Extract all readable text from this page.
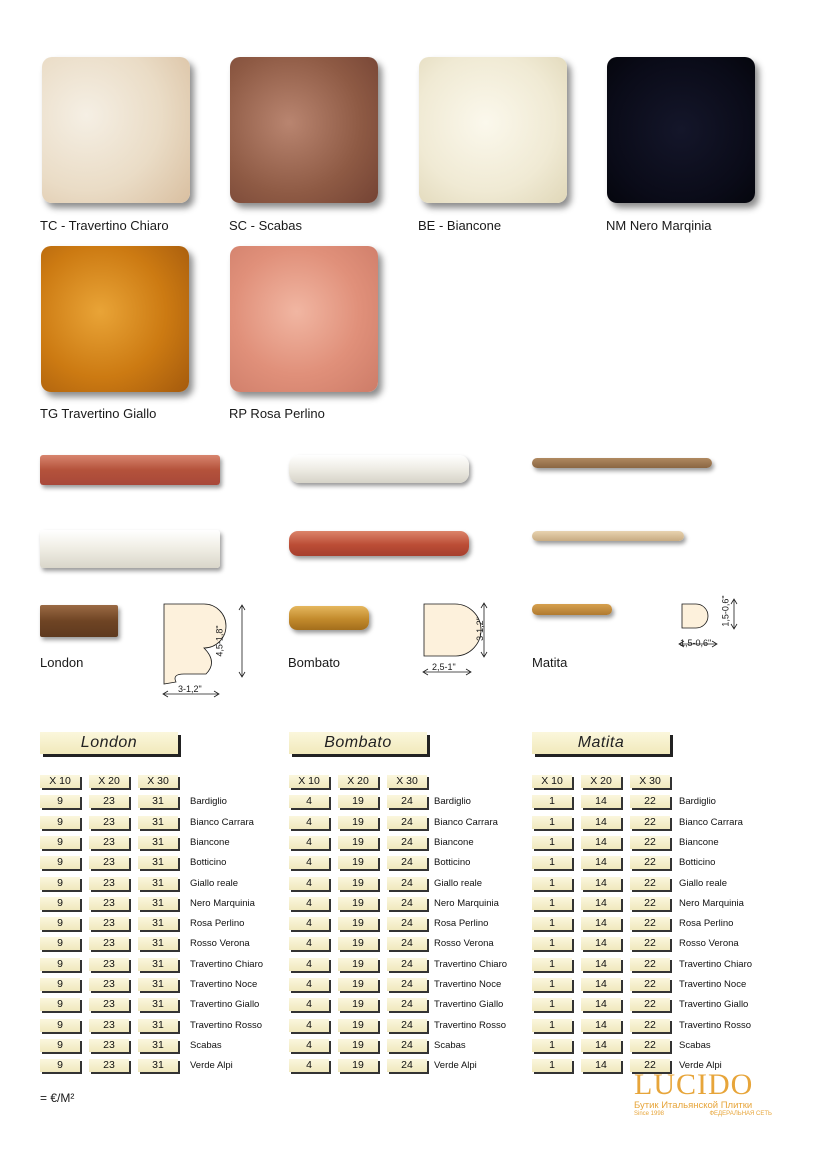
TC - Travertino Chiaro	SC - Scabas	BE - Biancone	NM Nero Marqinia
TG Travertino Giallo	RP Rosa Perlino
4,5-1,8"
3-1,2"
London
3-1,2"
2,5-1"
Bombato
1,5-0,6"
1,5-0,6"
Matita
London	Bombato	Matita
X 10	X 20	X 30
9	23	31	Bardiglio
9	23	31	Bianco Carrara
9	23	31	Biancone
9	23	31	Botticino
9	23	31	Giallo reale
9	23	31	Nero Marquinia
9	23	31	Rosa Perlino
9	23	31	Rosso Verona
9	23	31	Travertino Chiaro
9	23	31	Travertino Noce
9	23	31	Travertino Giallo
9	23	31	Travertino Rosso
9	23	31	Scabas
9	23	31	Verde Alpi
X 10	X 20	X 30
4	19	24	Bardiglio
4	19	24	Bianco Carrara
4	19	24	Biancone
4	19	24	Botticino
4	19	24	Giallo reale
4	19	24	Nero Marquinia
4	19	24	Rosa Perlino
4	19	24	Rosso Verona
4	19	24	Travertino Chiaro
4	19	24	Travertino Noce
4	19	24	Travertino Giallo
4	19	24	Travertino Rosso
4	19	24	Scabas
4	19	24	Verde Alpi
X 10	X 20	X 30
1	14	22	Bardiglio
1	14	22	Bianco Carrara
1	14	22	Biancone
1	14	22	Botticino
1	14	22	Giallo reale
1	14	22	Nero Marquinia
1	14	22	Rosa Perlino
1	14	22	Rosso Verona
1	14	22	Travertino Chiaro
1	14	22	Travertino Noce
1	14	22	Travertino Giallo
1	14	22	Travertino Rosso
1	14	22	Scabas
1	14	22	Verde Alpi
= €/M²	LUCIDO
Бутик Итальянской Плитки
Since 1998	ФЕДЕРАЛЬНАЯ СЕТЬ
